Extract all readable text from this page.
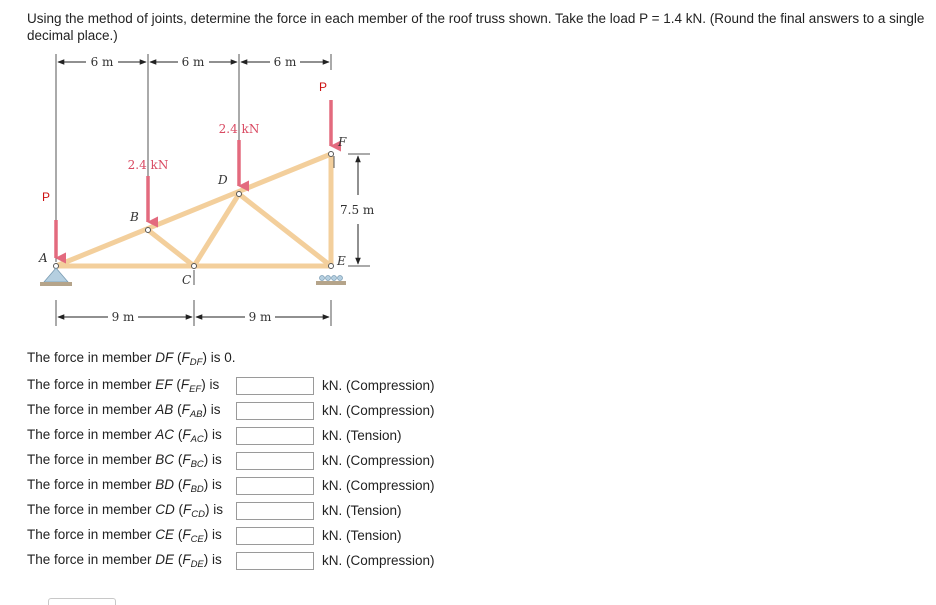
Using the method of joints, determine the force in each member of the roof truss shown. Take the load P = 1.4 kN. (Round the final answers to a single decimal place.)
6 m	6 m	6 m
2.4 kN
2.4 kN
P
P
A
B
C
D
E
F
7.5 m
9 m	9 m
The force in member DF $(F_{DF})$ is 0.
The force in member EF $(F_{EF})$ is	kN. (Compression)
The force in member AB $(F_{AB})$ is	kN. (Compression)
The force in member AC $(F_{AC})$ is	kN. (Tension)
The force in member BC $(F_{BC})$ is	kN. (Compression)
The force in member BD $(F_{BD})$ is	kN. (Compression)
The force in member CD $(F_{CD})$ is	kN. (Tension)
The force in member CE $(F_{CE})$ is	kN. (Tension)
The force in member DE $(F_{DE})$ is	kN. (Compression)
